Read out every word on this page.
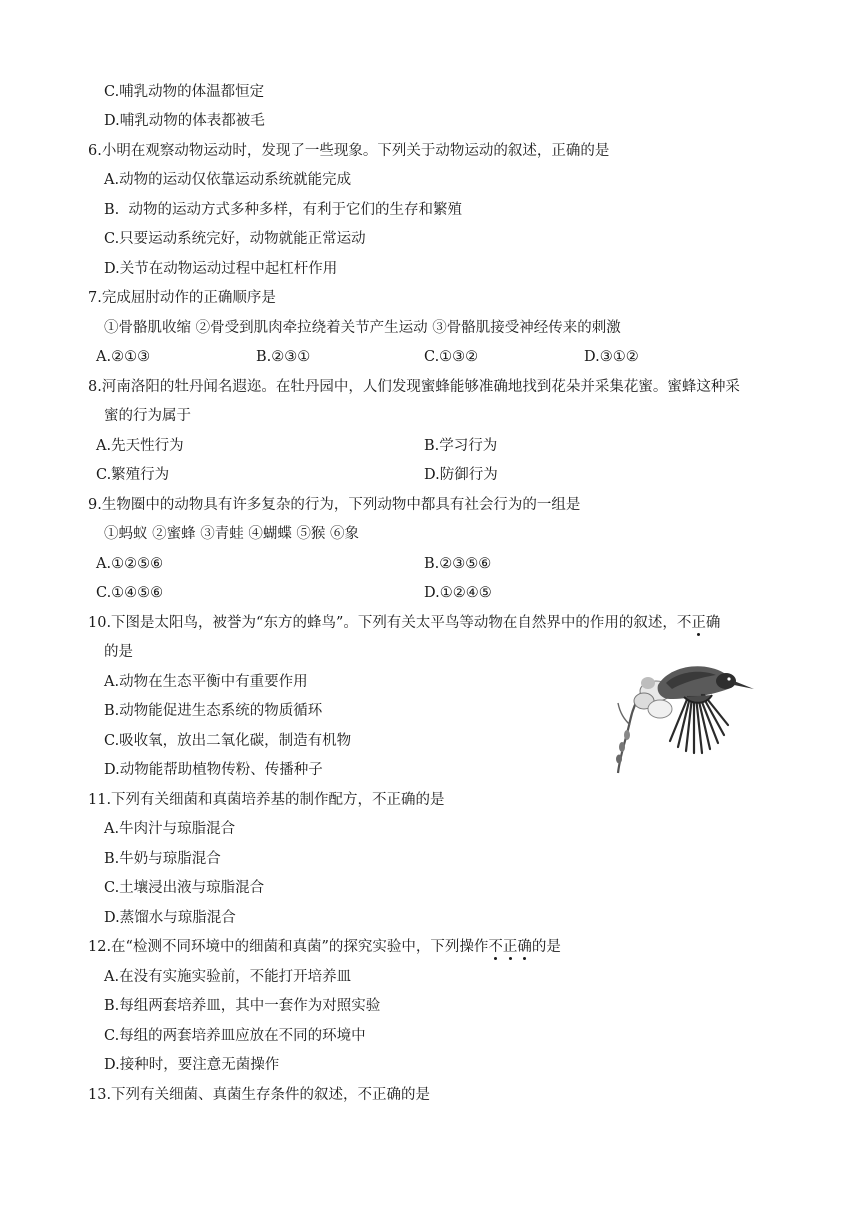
C.哺乳动物的体温都恒定
D.哺乳动物的体表都被毛
6.小明在观察动物运动时，发现了一些现象。下列关于动物运动的叙述，正确的是
A.动物的运动仅依靠运动系统就能完成
B.  动物的运动方式多种多样，有利于它们的生存和繁殖
C.只要运动系统完好，动物就能正常运动
D.关节在动物运动过程中起杠杆作用
7.完成屈肘动作的正确顺序是
①骨骼肌收缩 ②骨受到肌肉牵拉绕着关节产生运动 ③骨骼肌接受神经传来的刺激
A.②①③	B.②③①	C.①③②	D.③①②
8.河南洛阳的牡丹闻名遐迩。在牡丹园中，人们发现蜜蜂能够准确地找到花朵并采集花蜜。蜜蜂这种采
蜜的行为属于
A.先天性行为	B.学习行为
C.繁殖行为	D.防御行为
9.生物圈中的动物具有许多复杂的行为，下列动物中都具有社会行为的一组是
①蚂蚁 ②蜜蜂 ③青蛙 ④蝴蝶 ⑤猴 ⑥象
A.①②⑤⑥	B.②③⑤⑥
C.①④⑤⑥	D.①②④⑤
10.下图是太阳鸟，被誉为“东方的蜂鸟”。下列有关太平鸟等动物在自然界中的作用的叙述，不正确
的是
A.动物在生态平衡中有重要作用
B.动物能促进生态系统的物质循环
C.吸收氧，放出二氧化碳，制造有机物
D.动物能帮助植物传粉、传播种子
11.下列有关细菌和真菌培养基的制作配方，不正确的是
A.牛肉汁与琼脂混合
B.牛奶与琼脂混合
C.土壤浸出液与琼脂混合
D.蒸馏水与琼脂混合
12.在“检测不同环境中的细菌和真菌”的探究实验中，下列操作不正确的是
A.在没有实施实验前，不能打开培养皿
B.每组两套培养皿，其中一套作为对照实验
C.每组的两套培养皿应放在不同的环境中
D.接种时，要注意无菌操作
13.下列有关细菌、真菌生存条件的叙述，不正确的是
